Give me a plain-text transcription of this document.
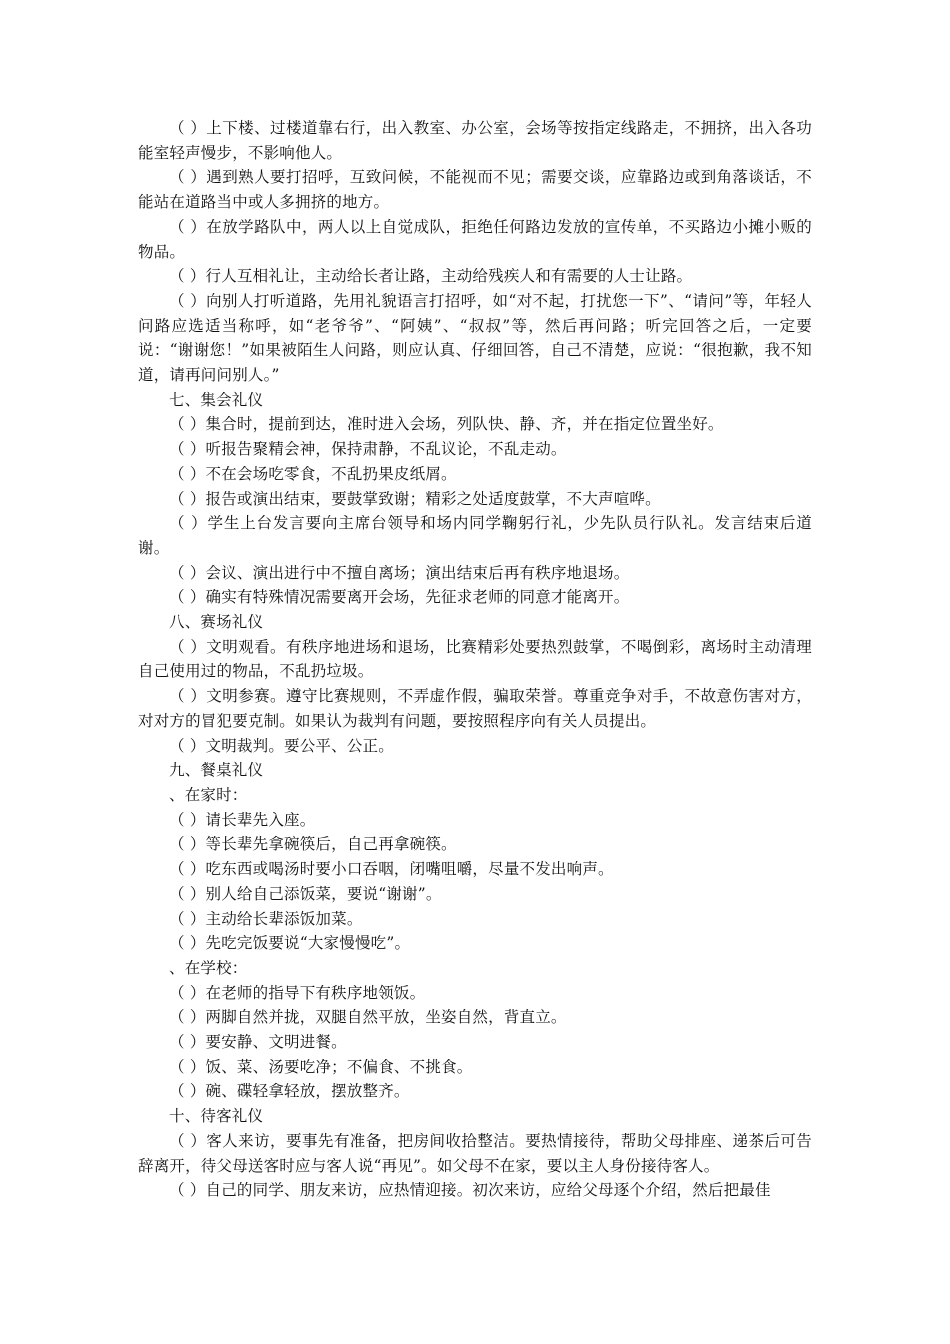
（ ）上下楼、过楼道靠右行，出入教室、办公室，会场等按指定线路走，不拥挤，出入各功能室轻声慢步，不影响他人。

（ ）遇到熟人要打招呼，互致问候，不能视而不见；需要交谈，应靠路边或到角落谈话，不能站在道路当中或人多拥挤的地方。

（ ）在放学路队中，两人以上自觉成队，拒绝任何路边发放的宣传单，不买路边小摊小贩的物品。

（ ）行人互相礼让，主动给长者让路，主动给残疾人和有需要的人士让路。

（ ）向别人打听道路，先用礼貌语言打招呼，如“对不起，打扰您一下”、“请问”等，年轻人问路应选适当称呼，如“老爷爷”、“阿姨”、“叔叔”等，然后再问路；听完回答之后，一定要说：“谢谢您！”如果被陌生人问路，则应认真、仔细回答，自己不清楚，应说：“很抱歉，我不知道，请再问问别人。”

七、集会礼仪

（ ）集合时，提前到达，准时进入会场，列队快、静、齐，并在指定位置坐好。

（ ）听报告聚精会神，保持肃静，不乱议论，不乱走动。

（ ）不在会场吃零食，不乱扔果皮纸屑。

（ ）报告或演出结束，要鼓掌致谢；精彩之处适度鼓掌，不大声喧哗。

（ ）学生上台发言要向主席台领导和场内同学鞠躬行礼，少先队员行队礼。发言结束后道谢。

（ ）会议、演出进行中不擅自离场；演出结束后再有秩序地退场。

（ ）确实有特殊情况需要离开会场，先征求老师的同意才能离开。

八、赛场礼仪

（ ）文明观看。有秩序地进场和退场，比赛精彩处要热烈鼓掌，不喝倒彩，离场时主动清理自己使用过的物品，不乱扔垃圾。

（ ）文明参赛。遵守比赛规则，不弄虚作假，骗取荣誉。尊重竞争对手，不故意伤害对方，对对方的冒犯要克制。如果认为裁判有问题，要按照程序向有关人员提出。

（ ）文明裁判。要公平、公正。

九、餐桌礼仪

、在家时：

（ ）请长辈先入座。

（ ）等长辈先拿碗筷后，自己再拿碗筷。

（ ）吃东西或喝汤时要小口吞咽，闭嘴咀嚼，尽量不发出响声。

（ ）别人给自己添饭菜，要说“谢谢”。

（ ）主动给长辈添饭加菜。

（ ）先吃完饭要说“大家慢慢吃”。

、在学校：

（ ）在老师的指导下有秩序地领饭。

（ ）两脚自然并拢，双腿自然平放，坐姿自然，背直立。

（ ）要安静、文明进餐。

（ ）饭、菜、汤要吃净；不偏食、不挑食。

（ ）碗、碟轻拿轻放，摆放整齐。

十、待客礼仪

（ ）客人来访，要事先有准备，把房间收拾整洁。要热情接待，帮助父母排座、递茶后可告辞离开，待父母送客时应与客人说“再见”。如父母不在家，要以主人身份接待客人。

（ ）自己的同学、朋友来访，应热情迎接。初次来访，应给父母逐个介绍，然后把最佳
